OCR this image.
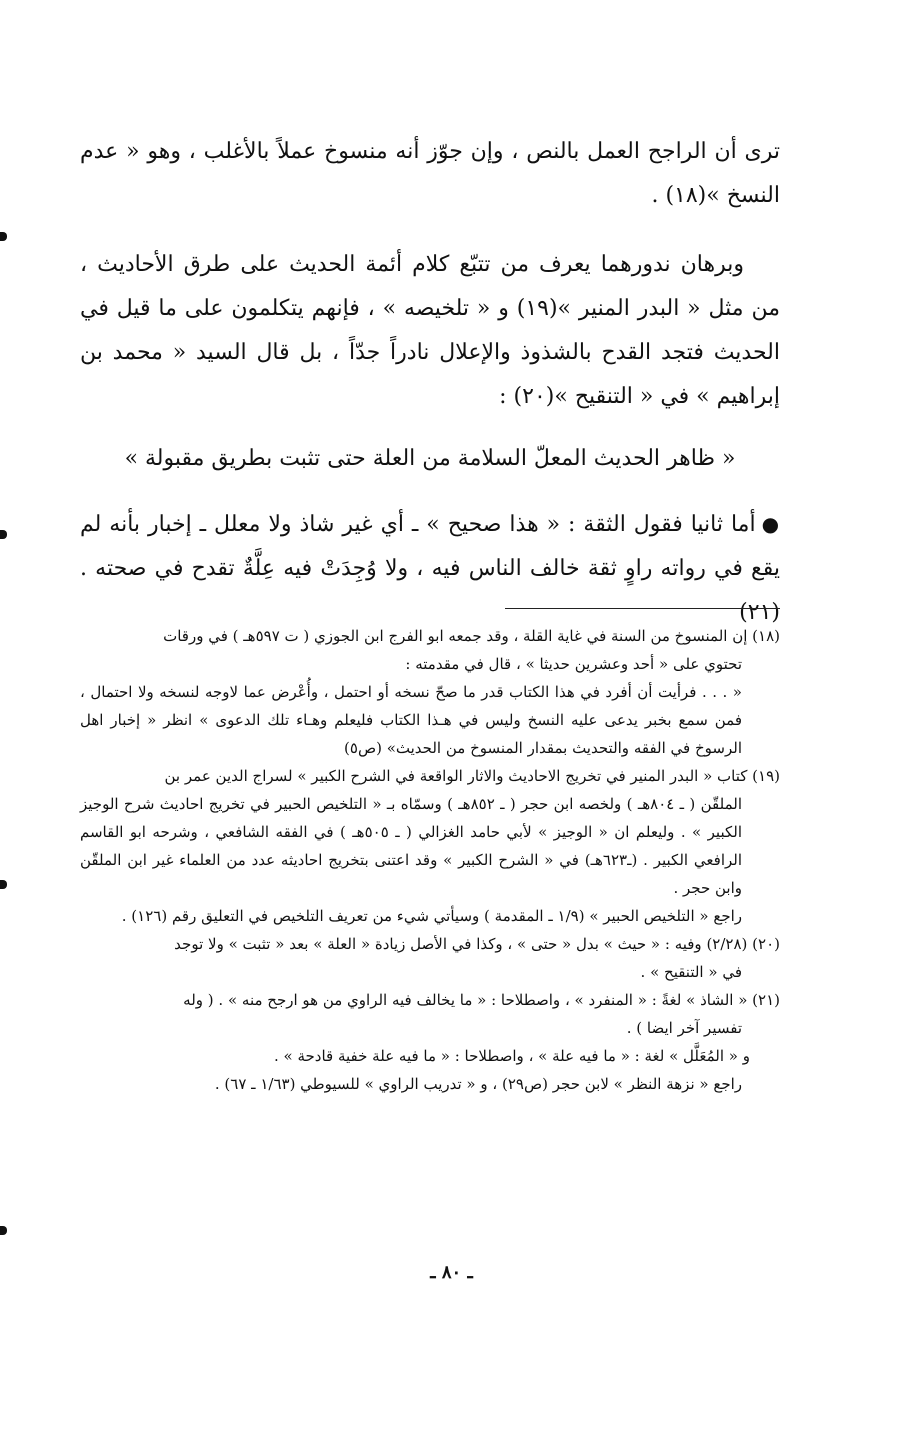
ترى أن الراجح العمل بالنص ، وإن جوّز أنه منسوخ عملاً بالأغلب ، وهو « عدم النسخ »(١٨) .

وبرهان ندورهما يعرف من تتبّع كلام أئمة الحديث على طرق الأحاديث ، من مثل « البدر المنير »(١٩) و « تلخيصه » ، فإنهم يتكلمون على ما قيل في الحديث فتجد القدح بالشذوذ والإعلال نادراً جدّاً ، بل قال السيد « محمد بن إبراهيم » في « التنقيح »(٢٠) :

« ظاهر الحديث المعلّ السلامة من العلة حتى تثبت بطريق مقبولة »

●أما ثانيا فقول الثقة : « هذا صحيح » ـ أي غير شاذ ولا معلل ـ إخبار بأنه لم يقع في رواته راوٍ ثقة خالف الناس فيه ، ولا وُجِدَتْ فيه عِلَّةٌ تقدح في صحته .(٢١)

(١٨) إن المنسوخ من السنة في غاية القلة ، وقد جمعه ابو الفرج ابن الجوزي ( ت ٥٩٧هـ ) في ورقات
تحتوي على « أحد وعشرين حديثا » ، قال في مقدمته :
« . . . فرأيت أن أفرد في هذا الكتاب قدر ما صحّ نسخه أو احتمل ، وأُعْرض عما لاوجه لنسخه ولا احتمال ، فمن سمع بخبر يدعى عليه النسخ وليس في هـذا الكتاب فليعلم وهـاء تلك الدعوى » انظر « إخبار اهل الرسوخ في الفقه والتحديث بمقدار المنسوخ من الحديث» (ص٥)

(١٩) كتاب « البدر المنير في تخريج الاحاديث والاثار الواقعة في الشرح الكبير » لسراج الدين عمر بن
الملقّن ( ـ ٨٠٤هـ ) ولخصه ابن حجر ( ـ ٨٥٢هـ ) وسمّاه بـ « التلخيص الحبير في تخريج احاديث شرح الوجيز الكبير » . وليعلم ان « الوجيز » لأبي حامد الغزالي ( ـ ٥٠٥هـ ) في الفقه الشافعي ، وشرحه ابو القاسم الرافعي الكبير . (ـ٦٢٣هـ) في « الشرح الكبير » وقد اعتنى بتخريج احاديثه عدد من العلماء غير ابن الملقّن وابن حجر .
راجع « التلخيص الحبير » (١/٩ ـ المقدمة ) وسيأتي شيء من تعريف التلخيص في التعليق رقم (١٢٦) .

(٢٠) (٢/٢٨) وفيه : « حيث » بدل « حتى » ، وكذا في الأصل زيادة « العلة » بعد « تثبت » ولا توجد
في « التنقيح » .

(٢١) « الشاذ » لغةً : « المنفرد » ، واصطلاحا : « ما يخالف فيه الراوي من هو ارجح منه » . ( وله
تفسير آخر ايضا ) .
و « المُعَلَّل » لغة : « ما فيه علة » ، واصطلاحا : « ما فيه علة خفية قادحة » .
راجع « نزهة النظر » لابن حجر (ص٢٩) ، و « تدريب الراوي » للسيوطي (١/٦٣ ـ ٦٧) .

ـ ٨٠ ـ
